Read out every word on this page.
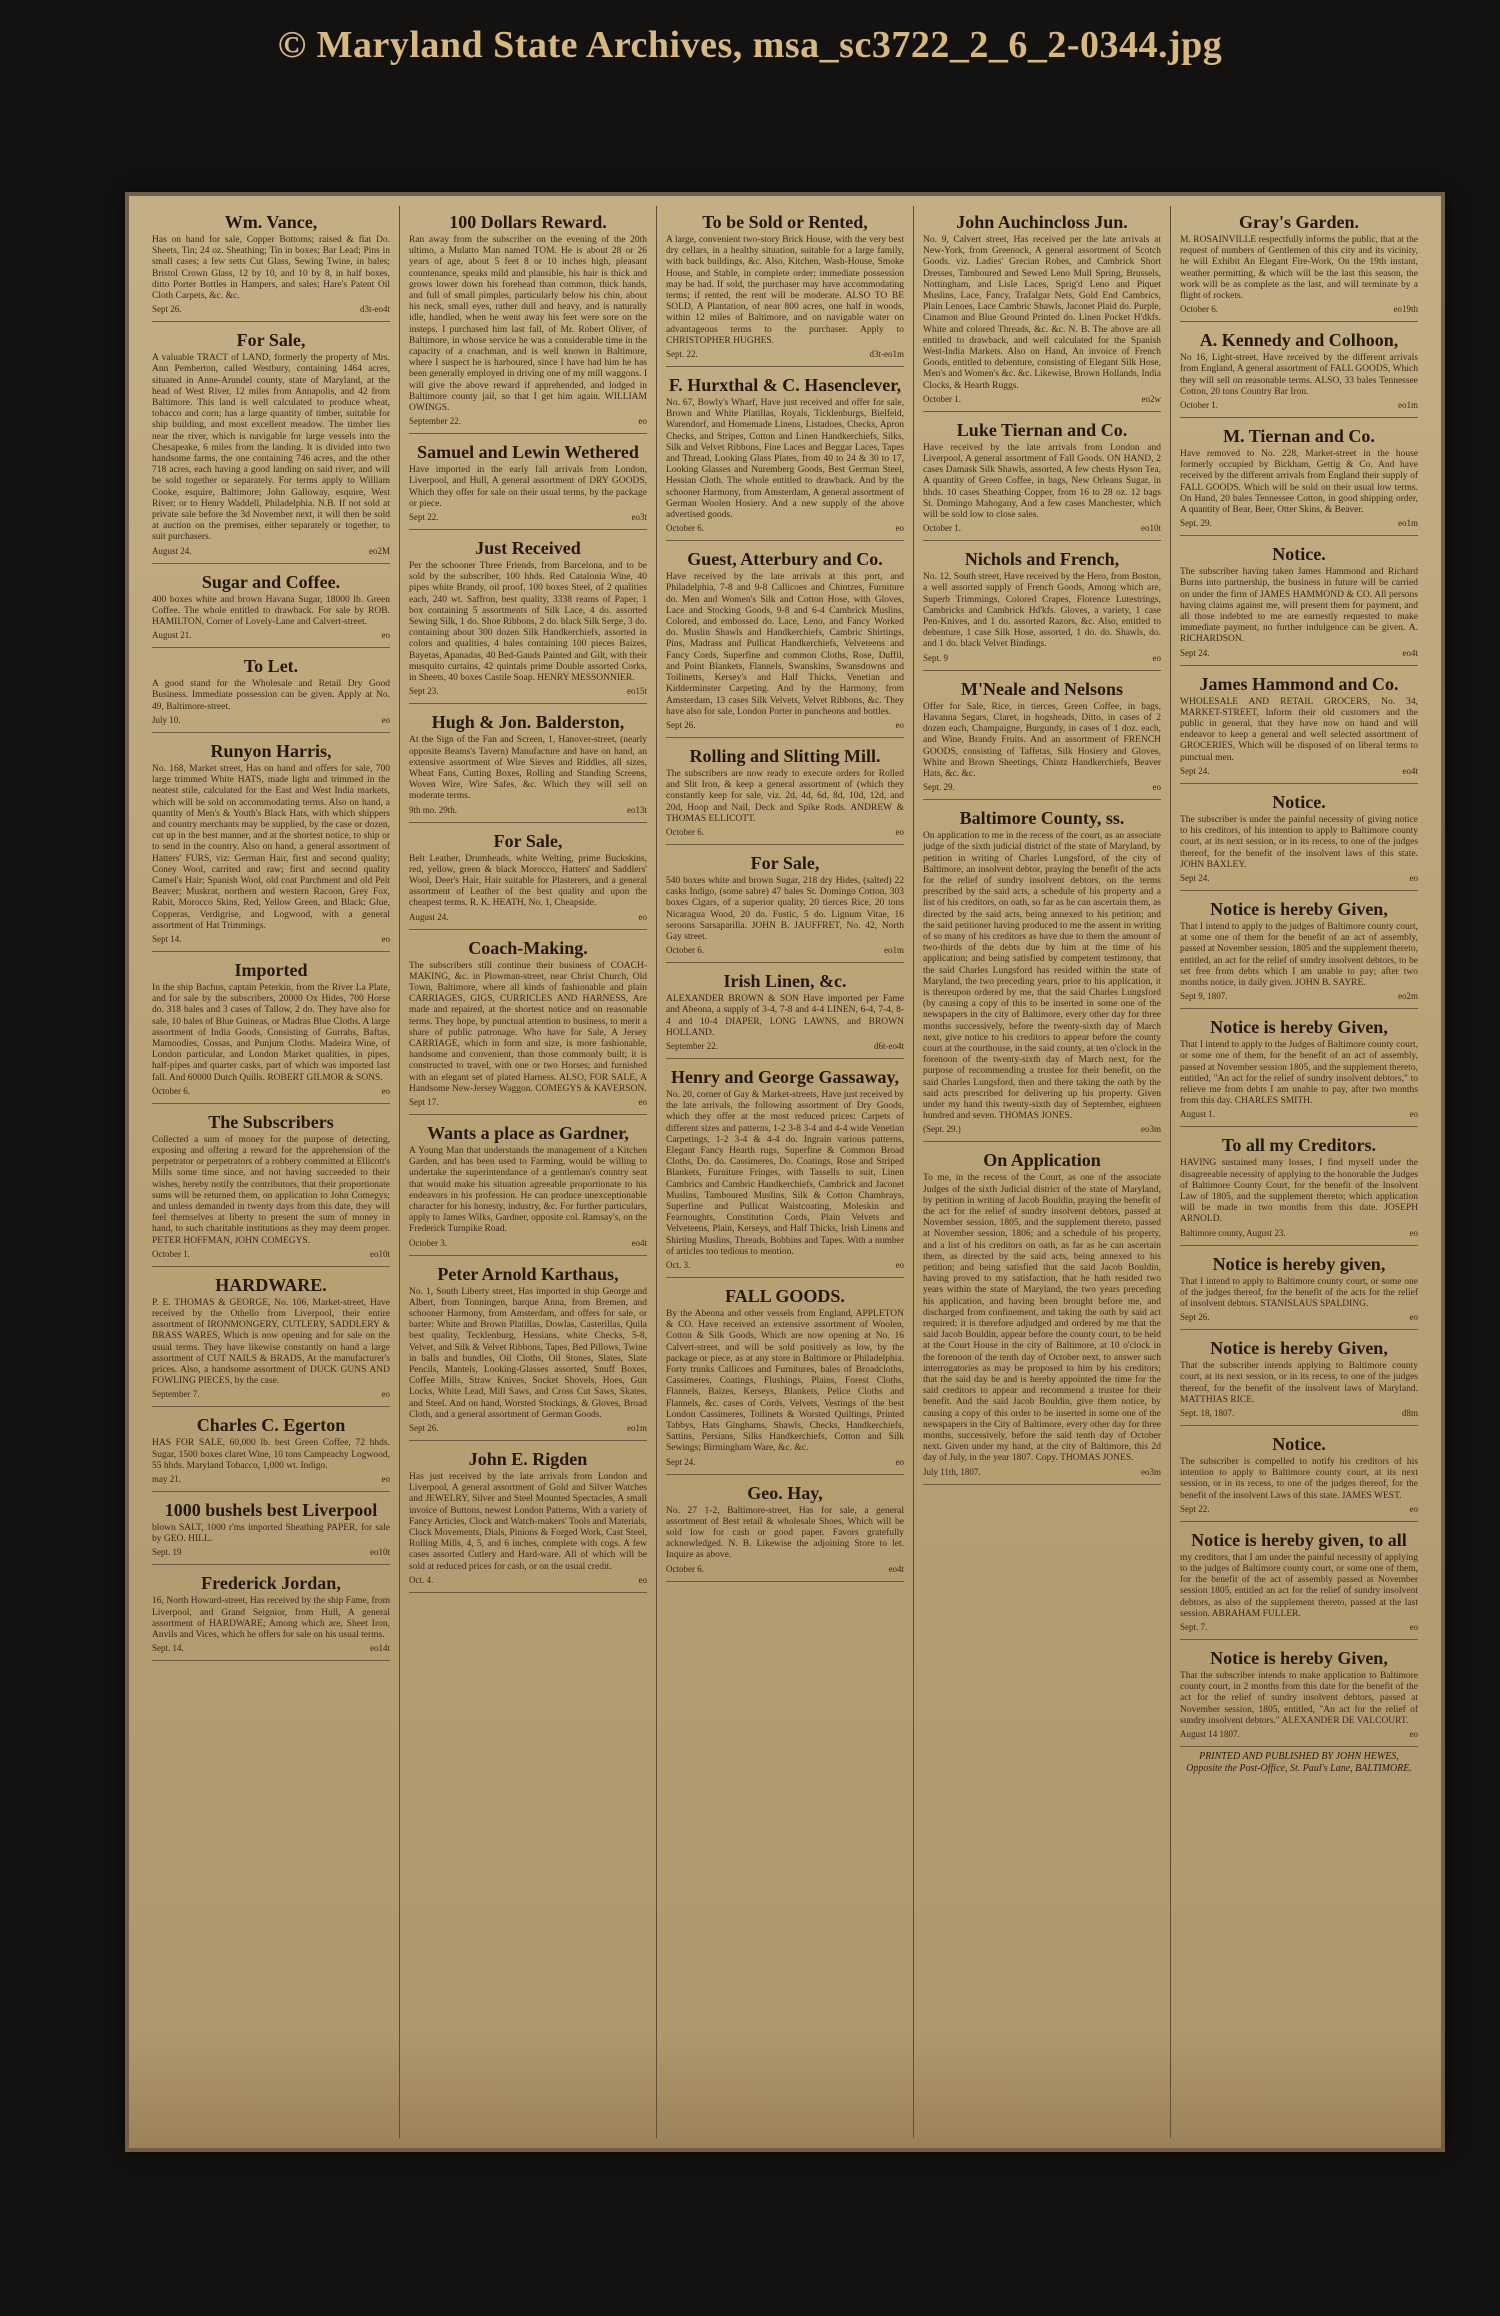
© Maryland State Archives, msa_sc3722_2_6_2-0344.jpg
Wm. Vance,

Has on hand for sale, Copper Bottoms; raised & flat Do. Sheets, Tin; 24 oz. Sheathing; Tin in boxes; Bar Lead; Pins in small cases; a few setts Cut Glass, Sewing Twine, in bales; Bristol Crown Glass, 12 by 10, and 10 by 8, in half boxes, ditto Porter Bottles in Hampers, and sales; Hare's Patent Oil Cloth Carpets, &c. &c.

Sept 26.	d3t-eo4t
For Sale,

A valuable TRACT of LAND, formerly the property of Mrs. Ann Pemberton, called Westbury, containing 1464 acres, situated in Anne-Arundel county, state of Maryland, at the head of West River, 12 miles from Annapolis, and 42 from Baltimore. This land is well calculated to produce wheat, tobacco and corn; has a large quantity of timber, suitable for ship building, and most excellent meadow. The timber lies near the river, which is navigable for large vessels into the Chesapeake, 6 miles from the landing. It is divided into two handsome farms, the one containing 746 acres, and the other 718 acres, each having a good landing on said river, and will be sold together or separately. For terms apply to William Cooke, esquire, Baltimore; John Galloway, esquire, West River; or to Henry Waddell, Philadelphia. N.B. If not sold at private sale before the 3d November next, it will then be sold at auction on the premises, either separately or together, to suit purchasers.

August 24.	eo2M
Sugar and Coffee.

400 boxes white and brown Havana Sugar, 18000 lb. Green Coffee. The whole entitled to drawback. For sale by ROB. HAMILTON, Corner of Lovely-Lane and Calvert-street.

August 21.	eo
To Let.

A good stand for the Wholesale and Retail Dry Good Business. Immediate possession can be given. Apply at No. 49, Baltimore-street.

July 10.	eo
Runyon Harris,

No. 168, Market street, Has on hand and offers for sale, 700 large trimmed White HATS, made light and trimmed in the neatest stile, calculated for the East and West India markets, which will be sold on accommodating terms. Also on hand, a quantity of Men's & Youth's Black Hats, with which shippers and country merchants may be supplied, by the case or dozen, cut up in the best manner, and at the shortest notice, to ship or to send in the country. Also on hand, a general assortment of Hatters' FURS, viz: German Hair, first and second quality; Coney Wool, carrited and raw; first and second quality Camel's Hair; Spanish Wool, old coat Parchment and old Pelt Beaver; Muskrat, northern and western Racoon, Grey Fox, Rabit, Morocco Skins, Red, Yellow Green, and Black; Glue, Copperas, Verdigrise, and Logwood, with a general assortment of Hat Trimmings.

Sept 14.	eo
Imported

In the ship Bachus, captain Peterkin, from the River La Plate, and for sale by the subscribers, 20000 Ox Hides, 700 Horse do. 318 bales and 3 cases of Tallow, 2 do. They have also for sale, 10 bales of Blue Guineas, or Madras Blue Cloths. A large assortment of India Goods, Consisting of Gurrahs, Baftas, Mamoodies, Cossas, and Punjum Cloths. Madeira Wine, of London particular, and London Market qualities, in pipes, half-pipes and quarter casks, part of which was imported last fall. And 60000 Dutch Quills. ROBERT GILMOR & SONS.

October 6.	eo
The Subscribers

Collected a sum of money for the purpose of detecting, exposing and offering a reward for the apprehension of the perpetrator or perpetrators of a robbery committed at Ellicott's Mills some time since, and not having succeeded to their wishes, hereby notify the contributors, that their proportionate sums will be returned them, on application to John Comegys; and unless demanded in twenty days from this date, they will feel themselves at liberty to present the sum of money in hand, to such charitable institutions as they may deem proper. PETER HOFFMAN, JOHN COMEGYS.

October 1.	eo10t
HARDWARE.

P. E. THOMAS & GEORGE, No. 106, Market-street, Have received by the Othello from Liverpool, their entire assortment of IRONMONGERY, CUTLERY, SADDLERY & BRASS WARES, Which is now opening and for sale on the usual terms. They have likewise constantly on hand a large assortment of CUT NAILS & BRADS, At the manufacturer's prices. Also, a handsome assortment of DUCK GUNS AND FOWLING PIECES, by the case.

September 7.	eo
Charles C. Egerton

HAS FOR SALE, 60,000 lb. best Green Coffee, 72 hhds. Sugar, 1500 boxes claret Wine, 10 tons Campeachy Logwood, 55 hhds. Maryland Tobacco, 1,000 wt. Indigo.

may 21.	eo
1000 bushels best Liverpool

blown SALT, 1000 r'ms imported Sheathing PAPER, for sale by GEO. HILL.

Sept. 19	eo10t
Frederick Jordan,

16, North Howard-street, Has received by the ship Fame, from Liverpool, and Grand Seignior, from Hull, A general assortment of HARDWARE; Among which are, Sheet Iron, Anvils and Vices, which he offers for sale on his usual terms.

Sept. 14.	eo14t
100 Dollars Reward.

Ran away from the subscriber on the evening of the 20th ultimo, a Mulatto Man named TOM. He is about 28 or 26 years of age, about 5 feet 8 or 10 inches high, pleasant countenance, speaks mild and plausible, his hair is thick and grows lower down his forehead than common, thick hands, and full of small pimples, particularly below his chin, about his neck, small eyes, rather dull and heavy, and is naturally idle, handled, when he went away his feet were sore on the insteps. I purchased him last fall, of Mr. Robert Oliver, of Baltimore, in whose service he was a considerable time in the capacity of a coachman, and is well known in Baltimore, where I suspect he is harboured, since I have had him he has been generally employed in driving one of my mill waggons. I will give the above reward if apprehended, and lodged in Baltimore county jail, so that I get him again. WILLIAM OWINGS.

September 22.	eo
Samuel and Lewin Wethered

Have imported in the early fall arrivals from London, Liverpool, and Hull, A general assortment of DRY GOODS, Which they offer for sale on their usual terms, by the package or piece.

Sept 22.	eo3t
Just Received

Per the schooner Three Friends, from Barcelona, and to be sold by the subscriber, 100 hhds. Red Catalonia Wine, 40 pipes white Brandy, oil proof, 100 boxes Steel, of 2 qualities each, 240 wt. Saffron, best quality, 3338 reams of Paper, 1 box containing 5 assortments of Silk Lace, 4 do. assorted Sewing Silk, 1 do. Shoe Ribbons, 2 do. black Silk Serge, 3 do. containing about 300 dozen Silk Handkerchiefs, assorted in colors and qualities, 4 bales containing 100 pieces Baizes, Bayetas, Apanadas, 40 Bed-Gauds Painted and Gilt, with their musquito curtains, 42 quintals prime Double assorted Corks, in Sheets, 40 boxes Castile Soap. HENRY MESSONNIER.

Sept 23.	eo15t
Hugh & Jon. Balderston,

At the Sign of the Fan and Screen, 1, Hanover-street, (nearly opposite Beams's Tavern) Manufacture and have on hand, an extensive assortment of Wire Sieves and Riddles, all sizes, Wheat Fans, Cutting Boxes, Rolling and Standing Screens, Woven Wire, Wire Safes, &c. Which they will sell on moderate terms.

9th mo. 29th.	eo13t
For Sale,

Belt Leather, Drumheads, white Welting, prime Buckskins, red, yellow, green & black Morocco, Hatters' and Saddlers' Wool, Deer's Hair, Hair suitable for Plasterers, and a general assortment of Leather of the best quality and upon the cheapest terms. R. K. HEATH, No. 1, Cheapside.

August 24.	eo
Coach-Making.

The subscribers still continue their business of COACH-MAKING, &c. in Plowman-street, near Christ Church, Old Town, Baltimore, where all kinds of fashionable and plain CARRIAGES, GIGS, CURRICLES AND HARNESS, Are made and repaired, at the shortest notice and on reasonable terms. They hope, by punctual attention to business, to merit a share of public patronage. Who have for Sale, A Jersey CARRIAGE, which in form and size, is more fashionable, handsome and convenient, than those commonly built; it is constructed to travel, with one or two Horses; and furnished with an elegant set of plated Harness. ALSO, FOR SALE, A Handsome New-Jersey Waggon. COMEGYS & KAVERSON.

Sept 17.	eo
Wants a place as Gardner,

A Young Man that understands the management of a Kitchen Garden, and has been used to Farming, would be willing to undertake the superintendance of a gentleman's country seat that would make his situation agreeable proportionate to his endeavors in his profession. He can produce unexceptionable character for his honesty, industry, &c. For further particulars, apply to James Wilks, Gardner, opposite col. Ramsay's, on the Frederick Turnpike Road.

October 3.	eo4t
Peter Arnold Karthaus,

No. 1, South Liberty street, Has imported in ship George and Albert, from Tonningen, barque Anna, from Bremen, and schooner Harmony, from Amsterdam, and offers for sale, or barter: White and Brown Platillas, Dowlas, Casterillas, Quila best quality, Tecklenburg, Hessians, white Checks, 5-8, Velvet, and Silk & Velvet Ribbons, Tapes, Bed Pillows, Twine in balls and bundles, Oil Cloths, Oil Stones, Slates, Slate Pencils, Mantels, Looking-Glasses assorted, Snuff Boxes, Coffee Mills, Straw Knives, Socket Shovels, Hoes, Gun Locks, White Lead, Mill Saws, and Cross Cut Saws, Skates, and Steel. And on hand, Worsted Stockings, & Gloves, Broad Cloth, and a general assortment of German Goods.

Sept 26.	eo1m
John E. Rigden

Has just received by the late arrivals from London and Liverpool, A general assortment of Gold and Silver Watches and JEWELRY, Silver and Steel Mounted Spectacles, A small invoice of Buttons, newest London Patterns, With a variety of Fancy Articles, Clock and Watch-makers' Tools and Materials, Clock Movements, Dials, Pinions & Forged Work, Cast Steel, Rolling Mills, 4, 5, and 6 inches, complete with cogs. A few cases assorted Cutlery and Hard-ware. All of which will be sold at reduced prices for cash, or on the usual credit.

Oct. 4.	eo
To be Sold or Rented,

A large, convenient two-story Brick House, with the very best dry cellars, in a healthy situation, suitable for a large family, with back buildings, &c. Also, Kitchen, Wash-House, Smoke House, and Stable, in complete order; immediate possession may be had. If sold, the purchaser may have accommodating terms; if rented, the rent will be moderate. ALSO TO BE SOLD, A Plantation, of near 800 acres, one half in woods, within 12 miles of Baltimore, and on navigable water on advantageous terms to the purchaser. Apply to CHRISTOPHER HUGHES.

Sept. 22.	d3t-eo1m
F. Hurxthal & C. Hasenclever,

No. 67, Bowly's Wharf, Have just received and offer for sale, Brown and White Platillas, Royals, Ticklenburgs, Bielfeld, Warendorf, and Homemade Linens, Listadoes, Checks, Apron Checks, and Stripes, Cotton and Linen Handkerchiefs, Silks, Silk and Velvet Ribbons, Fine Laces and Beggar Laces, Tapes and Thread, Looking Glass Plates, from 40 to 24 & 30 to 17, Looking Glasses and Nuremberg Goods, Best German Steel, Hessian Cloth. The whole entitled to drawback. And by the schooner Harmony, from Amsterdam, A general assortment of German Woolen Hosiery. And a new supply of the above advertised goods.

October 6.	eo
Guest, Atterbury and Co.

Have received by the late arrivals at this port, and Philadelphia, 7-8 and 9-8 Callicoes and Chintzes, Furniture do. Men and Women's Silk and Cotton Hose, with Gloves, Lace and Stocking Goods, 9-8 and 6-4 Cambrick Muslins, Colored, and embossed do. Lace, Leno, and Fancy Worked do. Muslin Shawls and Handkerchiefs, Cambric Shirtings, Pins, Madrass and Pullicat Handkerchiefs, Velveteens and Fancy Cords, Superfine and common Cloths, Rose, Duffil, and Point Blankets, Flannels, Swanskins, Swansdowns and Toilinetts, Kersey's and Half Thicks, Venetian and Kidderminster Carpeting. And by the Harmony, from Amsterdam, 13 cases Silk Velvets, Velvet Ribbons, &c. They have also for sale, London Porter in puncheons and bottles.

Sept 26.	eo
Rolling and Slitting Mill.

The subscribers are now ready to execute orders for Rolled and Slit Iron, & keep a general assortment of (which they constantly keep for sale, viz. 2d, 4d, 6d, 8d, 10d, 12d, and 20d, Hoop and Nail, Deck and Spike Rods. ANDREW & THOMAS ELLICOTT.

October 6.	eo
For Sale,

540 boxes white and brown Sugar, 218 dry Hides, (salted) 22 casks Indigo, (some sabre) 47 bales St. Domingo Cotton, 303 boxes Cigars, of a superior quality, 20 tierces Rice, 20 tons Nicaragua Wood, 20 do. Fustic, 5 do. Lignum Vitae, 16 seroons Sarsaparilla. JOHN B. JAUFFRET, No. 42, North Gay street.

October 6.	eo1m
Irish Linen, &c.

ALEXANDER BROWN & SON Have imported per Fame and Abeona, a supply of 3-4, 7-8 and 4-4 LINEN, 6-4, 7-4, 8-4 and 10-4 DIAPER, LONG LAWNS, and BROWN HOLLAND.

September 22.	d6t-eo4t
Henry and George Gassaway,

No. 20, corner of Gay & Market-streets, Have just received by the late arrivals, the following assortment of Dry Goods, which they offer at the most reduced prices: Carpets of different sizes and patterns, 1-2 3-8 3-4 and 4-4 wide Venetian Carpetings, 1-2 3-4 & 4-4 do. Ingrain various patterns, Elegant Fancy Hearth rugs, Superfine & Common Broad Cloths, Do. do. Cassimeres, Do. Coatings, Rose and Striped Blankets, Furniture Fringes, with Tassells to suit, Linen Cambrics and Cambric Handkerchiefs, Cambrick and Jaconet Muslins, Tamboured Muslins, Silk & Cotton Chambrays, Superfine and Pullicat Waistcoating, Moleskin and Fearnoughts, Constitution Cords, Plain Velvets and Velveteens, Plain, Kerseys, and Half Thicks, Irish Linens and Shirting Muslins, Threads, Bobbins and Tapes. With a number of articles too tedious to mention.

Oct. 3.	eo
FALL GOODS.

By the Abeona and other vessels from England, APPLETON & CO. Have received an extensive assortment of Woolen, Cotton & Silk Goods, Which are now opening at No. 16 Calvert-street, and will be sold positively as low, by the package or piece, as at any store in Baltimore or Philadelphia. Forty trunks Callicoes and Furnitures, bales of Broadcloths, Cassimeres, Coatings, Flushings, Plains, Forest Cloths, Flannels, Baizes, Kerseys, Blankets, Pelice Cloths and Flannels, &c. cases of Cords, Velvets, Vestings of the best London Cassimeres, Toilinets & Worsted Quiltings, Printed Tabbys, Hats Ginghams, Shawls, Checks, Handkerchiefs, Sattins, Persians, Silks Handkerchiefs, Cotton and Silk Sewings; Birmingham Ware, &c. &c.

Sept 24.	eo
Geo. Hay,

No. 27 1-2, Baltimore-street, Has for sale, a general assortment of Best retail & wholesale Shoes, Which will be sold low for cash or good paper. Favors gratefully acknowledged. N. B. Likewise the adjoining Store to let. Inquire as above.

October 6.	eo4t
John Auchincloss Jun.

No. 9, Calvert street, Has received per the late arrivals at New-York, from Greenock, A general assortment of Scotch Goods. viz. Ladies' Grecian Robes, and Cambrick Short Dresses, Tamboured and Sewed Leno Mull Spring, Brussels, Nottingham, and Lisle Laces, Sprig'd Leno and Piquet Muslins, Lace, Fancy, Trafalgar Nets, Gold End Cambrics, Plain Lenoes, Lace Cambric Shawls, Jaconet Plaid do. Purple, Cinamon and Blue Ground Printed do. Linen Pocket H'dkfs. White and colored Threads, &c. &c. N. B. The above are all entitled to drawback, and well calculated for the Spanish West-India Markets. Also on Hand, An invoice of French Goods, entitled to debenture, consisting of Elegant Silk Hose, Men's and Women's &c. &c. Likewise, Brown Hollands, India Clocks, & Hearth Ruggs.

October 1.	eo2w
Luke Tiernan and Co.

Have received by the late arrivals from London and Liverpool, A general assortment of Fall Goods. ON HAND, 2 cases Damask Silk Shawls, assorted, A few chests Hyson Tea, A quantity of Green Coffee, in bags, New Orleans Sugar, in hhds. 10 cases Sheathing Copper, from 16 to 28 oz. 12 bags St. Domingo Mahogany, And a few cases Manchester, which will be sold low to close sales.

October 1.	eo10t
Nichols and French,

No. 12, South street, Have received by the Hero, from Boston, a well assorted supply of French Goods, Among which are, Superb Trimmings, Colored Crapes, Florence Lutestrings, Cambricks and Cambrick Hd'kfs. Gloves, a variety, 1 case Pen-Knives, and 1 do. assorted Razors, &c. Also, entitled to debenture, 1 case Silk Hose, assorted, 1 do. do. Shawls, do. and 1 do. black Velvet Bindings.

Sept. 9	eo
M'Neale and Nelsons

Offer for Sale, Rice, in tierces, Green Coffee, in bags, Havanna Segars, Claret, in hogsheads, Ditto, in cases of 2 dozen each, Champaigne, Burgundy, in cases of 1 doz. each, and Wine, Brandy Fruits. And an assortment of FRENCH GOODS, consisting of Taffetas, Silk Hosiery and Gloves, White and Brown Sheetings, Chintz Handkerchiefs, Beaver Hats, &c. &c.

Sept. 29.	eo
Baltimore County, ss.

On application to me in the recess of the court, as an associate judge of the sixth judicial district of the state of Maryland, by petition in writing of Charles Lungsford, of the city of Baltimore, an insolvent debtor, praying the benefit of the acts for the relief of sundry insolvent debtors, on the terms prescribed by the said acts, a schedule of his property and a list of his creditors, on oath, so far as he can ascertain them, as directed by the said acts, being annexed to his petition; and the said petitioner having produced to me the assent in writing of so many of his creditors as have due to them the amount of two-thirds of the debts due by him at the time of his application; and being satisfied by competent testimony, that the said Charles Lungsford has resided within the state of Maryland, the two preceding years, prior to his application, it is thereupon ordered by me, that the said Charles Lungsford (by causing a copy of this to be inserted in some one of the newspapers in the city of Baltimore, every other day for three months successively, before the twenty-sixth day of March next, give notice to his creditors to appear before the county court at the courthouse, in the said county, at ten o'clock in the forenoon of the twenty-sixth day of March next, for the purpose of recommending a trustee for their benefit, on the said Charles Lungsford, then and there taking the oath by the said acts prescribed for delivering up his property. Given under my hand this twenty-sixth day of September, eighteen hundred and seven. THOMAS JONES.

(Sept. 29.)	eo3m
On Application

To me, in the recess of the Court, as one of the associate Judges of the sixth Judicial district of the state of Maryland, by petition in writing of Jacob Bouldin, praying the benefit of the act for the relief of sundry insolvent debtors, passed at November session, 1805, and the supplement thereto, passed at November session, 1806; and a schedule of his property, and a list of his creditors on oath, as far as he can ascertain them, as directed by the said acts, being annexed to his petition; and being satisfied that the said Jacob Bouldin, having proved to my satisfaction, that he hath resided two years within the state of Maryland, the two years preceding his application, and having been brought before me, and discharged from confinement, and taking the oath by said act required; it is therefore adjudged and ordered by me that the said Jacob Bouldin, appear before the county court, to be held at the Court House in the city of Baltimore, at 10 o'clock in the forenoon of the tenth day of October next, to answer such interrogatories as may be proposed to him by his creditors; that the said day be and is hereby appointed the time for the said creditors to appear and recommend a trustee for their benefit. And the said Jacob Bouldin, give them notice, by causing a copy of this order to be inserted in some one of the newspapers in the City of Baltimore, every other day for three months, successively, before the said tenth day of October next. Given under my hand, at the city of Baltimore, this 2d day of July, in the year 1807. Copy. THOMAS JONES.

July 11th, 1807.	eo3m
Gray's Garden.

M. ROSAINVILLE respectfully informs the public, that at the request of numbers of Gentlemen of this city and its vicinity, he will Exhibit An Elegant Fire-Work, On the 19th instant, weather permitting, & which will be the last this season, the work will be as complete as the last, and will terminate by a flight of rockets.

October 6.	eo19th
A. Kennedy and Colhoon,

No 16, Light-street, Have received by the different arrivals from England, A general assortment of FALL GOODS, Which they will sell on reasonable terms. ALSO, 33 bales Tennessee Cotton, 20 tons Country Bar Iron.

October 1.	eo1m
M. Tiernan and Co.

Have removed to No. 228, Market-street in the house formerly occupied by Bickham, Gettig & Co. And have received by the different arrivals from England their supply of FALL GOODS. Which will be sold on their usual low terms. On Hand, 20 bales Tennessee Cotton, in good shipping order, A quantity of Bear, Beer, Otter Skins, & Beaver.

Sept. 29.	eo1m
Notice.

The subscriber having taken James Hammond and Richard Burns into partnership, the business in future will be carried on under the firm of JAMES HAMMOND & CO. All persons having claims against me, will present them for payment, and all those indebted to me are earnestly requested to make immediate payment, no further indulgence can be given. A. RICHARDSON.

Sept 24.	eo4t
James Hammond and Co.

WHOLESALE AND RETAIL GROCERS, No. 34, MARKET-STREET, Inform their old customers and the public in general, that they have now on hand and will endeavor to keep a general and well selected assortment of GROCERIES, Which will be disposed of on liberal terms to punctual men.

Sept 24.	eo4t
Notice.

The subscriber is under the painful necessity of giving notice to his creditors, of his intention to apply to Baltimore county court, at its next session, or in its recess, to one of the judges thereof, for the benefit of the insolvent laws of this state. JOHN BAXLEY.

Sept 24.	eo
Notice is hereby Given,

That I intend to apply to the judges of Baltimore county court, at some one of them for the benefit of an act of assembly, passed at November session, 1805 and the supplement thereto, entitled, an act for the relief of sundry insolvent debtors, to be set free from debts which I am unable to pay; after two months notice, in daily given. JOHN B. SAYRE.

Sept 9, 1807.	eo2m
Notice is hereby Given,

That I intend to apply to the Judges of Baltimore county court, or some one of them, for the benefit of an act of assembly, passed at November session 1805, and the supplement thereto, entitled, "An act for the relief of sundry insolvent debtors," to relieve me from debts I am unable to pay, after two months from this day. CHARLES SMITH.

August 1.	eo
To all my Creditors.

HAVING sustained many losses, I find myself under the disagreeable necessity of applying to the honorable the Judges of Baltimore County Court, for the benefit of the Insolvent Law of 1805, and the supplement thereto; which application will be made in two months from this date. JOSEPH ARNOLD.

Baltimore county, August 23.	eo
Notice is hereby given,

That I intend to apply to Baltimore county court, or some one of the judges thereof, for the benefit of the acts for the relief of insolvent debtors. STANISLAUS SPALDING.

Sept 26.	eo
Notice is hereby Given,

That the subscriber intends applying to Baltimore county court, at its next session, or in its recess, to one of the judges thereof, for the benefit of the insolvent laws of Maryland. MATTHIAS RICE.

Sept. 18, 1807.	d8m
Notice.

The subscriber is compelled to notify his creditors of his intention to apply to Baltimore county court, at its next session, or in its recess, to one of the judges thereof, for the benefit of the insolvent Laws of this state. JAMES WEST.

Sept 22.	eo
Notice is hereby given, to all

my creditors, that I am under the painful necessity of applying to the judges of Baltimore county court, or some one of them, for the benefit of the act of assembly passed at November session 1805, entitled an act for the relief of sundry insolvent debtors, as also of the supplement thereto, passed at the last session. ABRAHAM FULLER.

Sept. 7.	eo
Notice is hereby Given,

That the subscriber intends to make application to Baltimore county court, in 2 months from this date for the benefit of the act for the relief of sundry insolvent debtors, passed at November session, 1805, entitled, "An act for the relief of sundry insolvent debtors." ALEXANDER DE VALCOURT.

August 14 1807.	eo
PRINTED AND PUBLISHED BY JOHN HEWES, Opposite the Post-Office, St. Paul's Lane, BALTIMORE.
